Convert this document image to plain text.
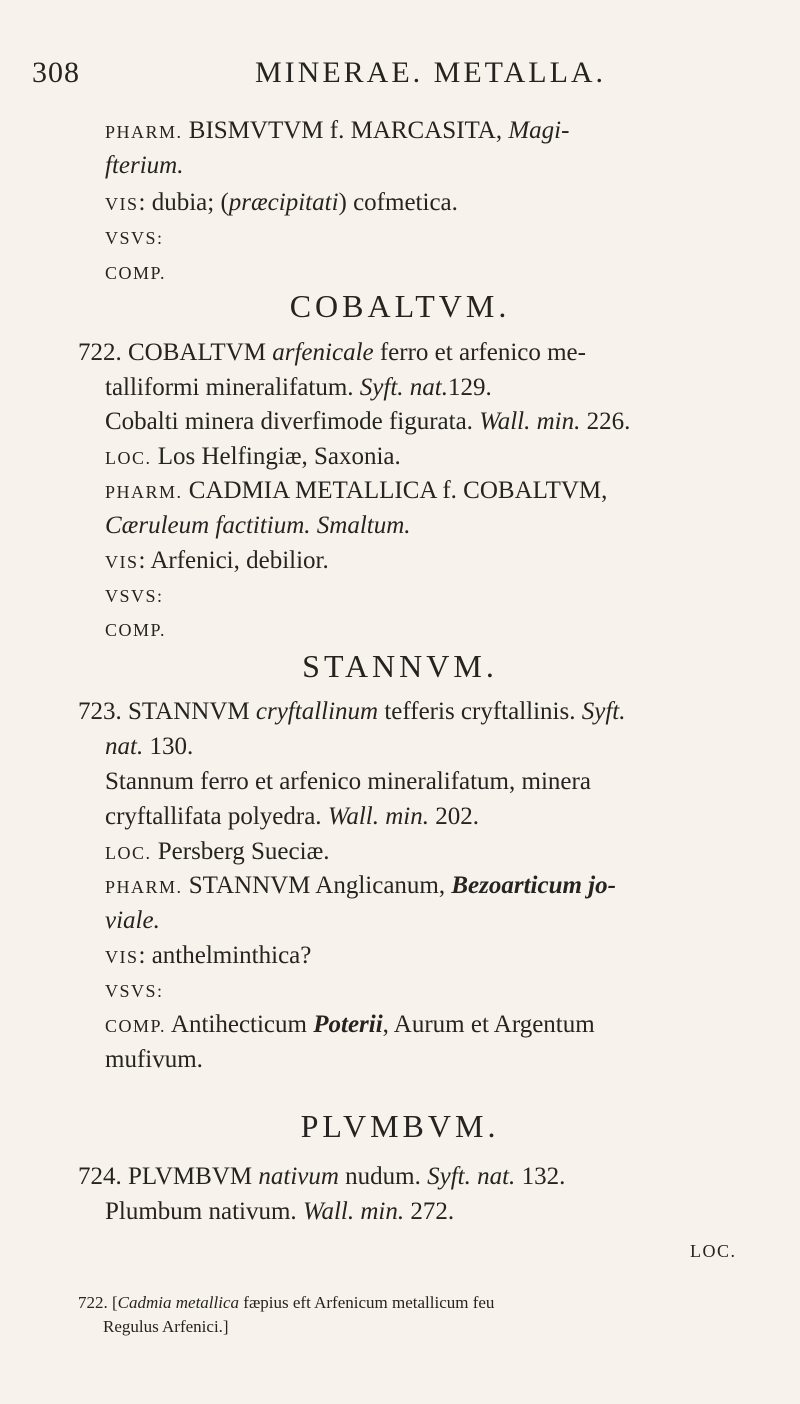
308	MINERAE. METALLA.
PHARM. BISMVTVM f. MARCASITA, Magi-
fterium.
VIS: dubia; (præcipitati) cofmetica.
VSVS:
COMP.
COBALTVM.
722. COBALTVM arfenicale ferro et arfenico me-
talliformi mineralifatum. Syft. nat.129.
Cobalti minera diverfimode figurata. Wall. min. 226.
LOC. Los Helfingiæ, Saxonia.
PHARM. CADMIA METALLICA f. COBALTVM,
Cæruleum factitium. Smaltum.
VIS: Arfenici, debilior.
VSVS:
COMP.
STANNVM.
723. STANNVM cryftallinum tefferis cryftallinis. Syft.
nat. 130.
Stannum ferro et arfenico mineralifatum, minera
cryftallifata polyedra. Wall. min. 202.
LOC. Persberg Sueciæ.
PHARM. STANNVM Anglicanum, Bezoarticum jo-
viale.
VIS: anthelminthica?
VSVS:
COMP. Antihecticum Poterii, Aurum et Argentum
mufivum.
PLVMBVM.
724. PLVMBVM nativum nudum. Syft. nat. 132.
Plumbum nativum. Wall. min. 272.
LOC.
722. [Cadmia metallica fæpius eft Arfenicum metallicum feu
Regulus Arfenici.]
